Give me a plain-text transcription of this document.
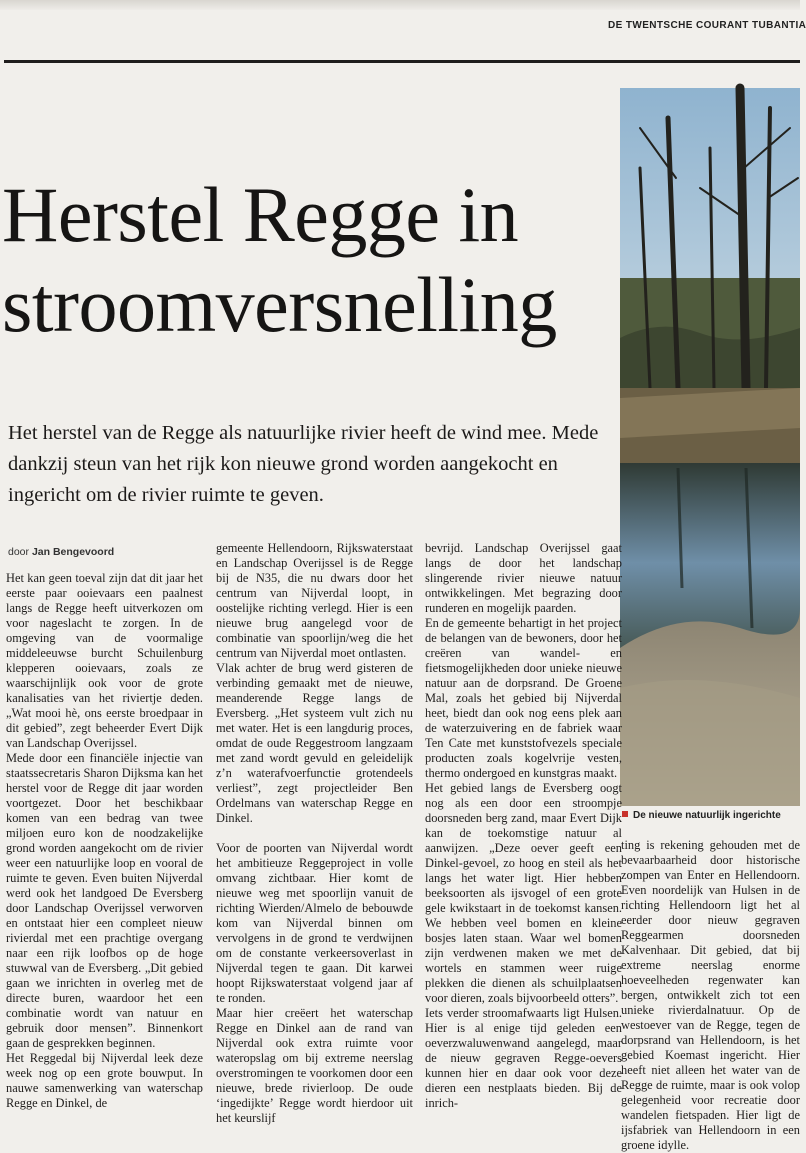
DE TWENTSCHE COURANT TUBANTIA
Herstel Regge in
stroomversnelling

Het herstel van de Regge als natuurlijke rivier heeft de wind mee. Mede dankzij steun van het rijk kon nieuwe grond worden aangekocht en ingericht om de rivier ruimte te geven.

De nieuwe natuurlijk ingerichte
door Jan Bengevoord

Het kan geen toeval zijn dat dit jaar het eerste paar ooievaars een paalnest langs de Regge heeft uitverkozen om voor nageslacht te zorgen. In de omgeving van de voormalige middeleeuwse burcht Schuilenburg klepperen ooievaars, zoals ze waarschijnlijk ook voor de grote kanalisaties van het riviertje deden. „Wat mooi hè, ons eerste broedpaar in dit gebied”, zegt beheerder Evert Dijk van Landschap Overijssel.

Mede door een financiële injectie van staatssecretaris Sharon Dijksma kan het herstel voor de Regge dit jaar worden voortgezet. Door het beschikbaar komen van een bedrag van twee miljoen euro kon de noodzakelijke grond worden aangekocht om de rivier weer een natuurlijke loop en vooral de ruimte te geven. Even buiten Nijverdal werd ook het landgoed De Eversberg door Landschap Overijssel verworven en ontstaat hier een compleet nieuw rivierdal met een prachtige overgang naar een rijk loofbos op de hoge stuwwal van de Eversberg. „Dit gebied gaan we inrichten in overleg met de directe buren, waardoor het een combinatie wordt van natuur en gebruik door mensen”. Binnenkort gaan de gesprekken beginnen.

Het Reggedal bij Nijverdal leek deze week nog op een grote bouwput. In nauwe samenwerking van waterschap Regge en Dinkel, de

gemeente Hellendoorn, Rijkswaterstaat en Landschap Overijssel is de Regge bij de N35, die nu dwars door het centrum van Nijverdal loopt, in oostelijke richting verlegd. Hier is een nieuwe brug aangelegd voor de combinatie van spoorlijn/weg die het centrum van Nijverdal moet ontlasten.

Vlak achter de brug werd gisteren de verbinding gemaakt met de nieuwe, meanderende Regge langs de Eversberg. „Het systeem vult zich nu met water. Het is een langdurig proces, omdat de oude Reggestroom langzaam met zand wordt gevuld en geleidelijk z’n waterafvoerfunctie grotendeels verliest”, zegt projectleider Ben Ordelmans van waterschap Regge en Dinkel.

Voor de poorten van Nijverdal wordt het ambitieuze Reggeproject in volle omvang zichtbaar. Hier komt de nieuwe weg met spoorlijn vanuit de richting Wierden/Almelo de bebouwde kom van Nijverdal binnen om vervolgens in de grond te verdwijnen om de constante verkeersoverlast in Nijverdal tegen te gaan. Dit karwei hoopt Rijkswaterstaat volgend jaar af te ronden.

Maar hier creëert het waterschap Regge en Dinkel aan de rand van Nijverdal ook extra ruimte voor wateropslag om bij extreme neerslag overstromingen te voorkomen door een nieuwe, brede rivierloop. De oude ‘ingedijkte’ Regge wordt hierdoor uit het keurslijf

bevrijd. Landschap Overijssel gaat langs de door het landschap slingerende rivier nieuwe natuur ontwikkelingen. Met begrazing door runderen en mogelijk paarden.

En de gemeente behartigt in het project de belangen van de bewoners, door het creëren van wandel- en fietsmogelijkheden door unieke nieuwe natuur aan de dorpsrand. De Groene Mal, zoals het gebied bij Nijverdal heet, biedt dan ook nog eens plek aan de waterzuivering en de fabriek waar Ten Cate met kunststofvezels speciale producten zoals kogelvrije vesten, thermo ondergoed en kunstgras maakt.

Het gebied langs de Eversberg oogt nog als een door een stroompje doorsneden berg zand, maar Evert Dijk kan de toekomstige natuur al aanwijzen. „Deze oever geeft een Dinkel-gevoel, zo hoog en steil als het langs het water ligt. Hier hebben beeksoorten als ijsvogel of een grote gele kwikstaart in de toekomst kansen. We hebben veel bomen en kleine bosjes laten staan. Waar wel bomen zijn verdwenen maken we met de wortels en stammen weer ruige plekken die dienen als schuilplaatsen voor dieren, zoals bijvoorbeeld otters”.

Iets verder stroomafwaarts ligt Hulsen. Hier is al enige tijd geleden een oeverzwaluwenwand aangelegd, maar de nieuw gegraven Regge-oevers kunnen hier en daar ook voor deze dieren een nestplaats bieden. Bij de inrich-

ting is rekening gehouden met de bevaarbaarheid door historische zompen van Enter en Hellendoorn. Even noordelijk van Hulsen in de richting Hellendoorn ligt het al eerder door nieuw gegraven Reggearmen doorsneden Kalvenhaar. Dit gebied, dat bij extreme neerslag enorme hoeveelheden regenwater kan bergen, ontwikkelt zich tot een unieke rivierdalnatuur. Op de westoever van de Regge, tegen de dorpsrand van Hellendoorn, is het gebied Koemast ingericht. Hier heeft niet alleen het water van de Regge de ruimte, maar is ook volop gelegenheid voor recreatie door wandelen fietspaden. Hier ligt de ijsfabriek van Hellendoorn in een groene idylle.
